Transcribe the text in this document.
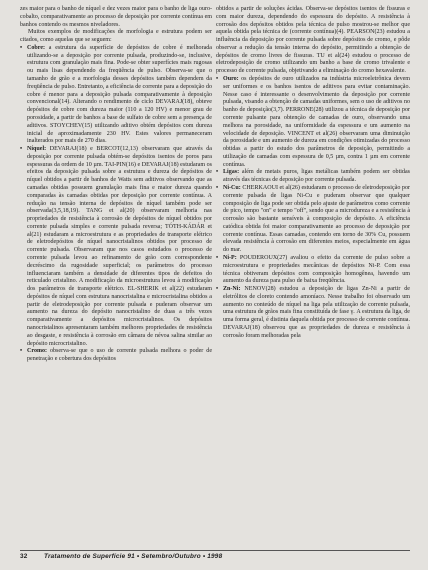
zes maior para o banho de níquel e dez vezes maior para o banho de liga ouro-cobalto, comparativamente ao processo de deposição por corrente contínua em banhos contendo os mesmos niveladores.

Muitos exemplos de modificações de morfologia e estrutura podem ser citados, como aquelas que se seguem:

• Cobre: a estrutura da superfície de depósitos de cobre é melhorada utilizando-se a deposição por corrente pulsada, produzindo-se, inclusive, estrutura com granulação mais fina. Pode-se obter superfícies mais rugosas ou mais lisas dependendo da freqüência de pulso. Observa-se que o tamanho de grão e a morfologia desses depósitos também dependem da freqüência de pulso. Entretanto, a eficiência de corrente para a deposição do cobre é menor para a deposição pulsada comparativamente à deposição convencional(14). Alterando o rendimento de ciclo DEVARAJ(18), obteve depósitos de cobre com dureza maior (110 a 120 HV) e menor grau de porosidade, a partir de banhos a base de sulfato de cobre sem a presença de aditivos. STOYCHEV(15) utilizando aditivo obtém depósitos com dureza inicial de aproximadamente 230 HV. Estes valores permaneceram inalterados por mais de 270 dias.

• Níquel: DEVARAJ(18) e BERCOT(12,13) observaram que através da deposição por corrente pulsada obtém-se depósitos isentos de poros para espessuras da ordem de 10 µm. TAI-PIN(16) e DEVARAJ(18) estudaram os efeitos da deposição pulsada sobre a estrutura e dureza de depósitos de níquel obtidos a partir de banhos de Watts sem aditivos observando que as camadas obtidas possuem granulação mais fina e maior dureza quando comparadas às camadas obtidas por deposição por corrente contínua. A redução na tensão interna de depósitos de níquel também pode ser observada(3,5,18,19). TANG et al(20) observaram melhoria nas propriedades de resistência à corrosão de depósitos de níquel obtidos por corrente pulsada simples e corrente pulsada reversa; TÓTH-KÁDÁR et al(21) estudaram a microestrutura e as propriedades de transporte elétrico de eletrodepósitos de níquel nanocristalinos obtidos por processo de corrente pulsada. Observaram que nos casos estudados o processo de corrente pulsada levou ao refinamento de grão com correspondente decréscimo da rugosidade superficial; os parâmetros do processo influenciaram também a densidade de diferentes tipos de defeitos do reticulado cristalino. A modificação da microestrutura levou à modificação dos parâmetros de transporte elétrico. EL-SHERIK et al(22) estudaram depósitos de níquel com estrutura nanocristalina e microcristalina obtidos a partir de eletrodeposição por corrente pulsada e puderam observar um aumento na dureza do depósito nanocristalino de duas a três vezes comparativamente a depósitos microcristalinos. Os depósitos nanocristalinos apresentaram também melhores propriedades de resistência ao desgaste, e resistência à corrosão em câmara de névoa salina similar ao depósito microcristalino.

• Cromo: observa-se que o uso de corrente pulsada melhora o poder de penetração e cobertura dos depósitos

obtidos a partir de soluções ácidas. Observa-se depósitos isentos de fissuras e com maior dureza, dependendo do espessura do depósito. A resistência à corrosão dos depósitos obtidos pela técnica de pulso mostrou-se melhor que aquela obtida pela técnica de (corrente contínua)(4). PEARSON(23) estudou a influência da deposição por corrente pulsada sobre depósitos de cromo, e pôde observar a redução da tensão interna do depósito, permitindo a obtenção de depósitos de cromo livres de fissuras. TU et al(24) estudou o processo de eletrodeposição de cromo utilizando um banho a base de cromo trivalente e processo de corrente pulsada, objetivando a eliminação do cromo hexavalente.

• Ouro: os depósitos de ouro utilizados na indústria microeletrônica devem ser uniformes e os banhos isentos de aditivos para evitar contaminação. Nesse caso é interessante o desenvolvimento da deposição por corrente pulsada, visando a obtenção de camadas uniformes, sem o uso de aditivos no banho de deposição(3,7). PERRONE(28) utilizou a técnica de deposição por corrente pulsante para obtenção de camadas de ouro, observando uma melhora na porosidade, na uniformidade da espessura e um aumento na velocidade de deposição. VINCENT et al(26) observaram uma diminuição da porosidade e um aumento de dureza em condições otimizadas do processo obtidas a partir do estudo dos parâmetros de deposição, permitindo a utilização de camadas com espessura de 0,5 µm, contra 1 µm em corrente contínua.

• Ligas: além de metais puros, ligas metálicas também podem ser obtidas através das técnicas de deposição por corrente pulsada.

• Ni-Cu: CHERKAOUI et al(26) estudaram o processo de eletrodeposição por corrente pulsada de ligas Ni-Cu e puderam observar que qualquer composição de liga pode ser obtida pelo ajuste de parâmetros como corrente de pico, tempo "on" e tempo "off", sendo que a microdureza e a resistência à corrosão são bastante sensíveis à composição de depósito. A eficiência catódica obtida foi maior comparativamente ao processo de deposição por corrente contínua. Essas camadas, contendo em torno de 30% Cu, possuem elevada resistência à corrosão em diferentes meios, especialmente em água do mar.

• Ni-P: POUDEROUX(27) avaliou o efeito da corrente de pulso sobre a microestrutura e propriedades mecânicas de depósitos Ni-P. Com essa técnica obtiveram depósitos com composição homogênea, havendo um aumento da dureza para pulso de baixa freqüência.

• Zn-Ni: NENOV(28) estudou a deposição de ligas Zn-Ni a partir de eletrólitos de cloreto contendo amoníaco. Nesse trabalho foi observado um aumento no conteúdo de níquel na liga pela utilização de corrente pulsada, uma estrutura de grãos mais fina constituída de fase γ. A estrutura da liga, de uma forma geral, é distinta daquela obtida por processo de corrente contínua. DEVARAJ(18) observou que as propriedades de dureza e resistência à corrosão foram melhoradas pela

32	Tratamento de Superfície 91 • Setembro/Outubro • 1998
